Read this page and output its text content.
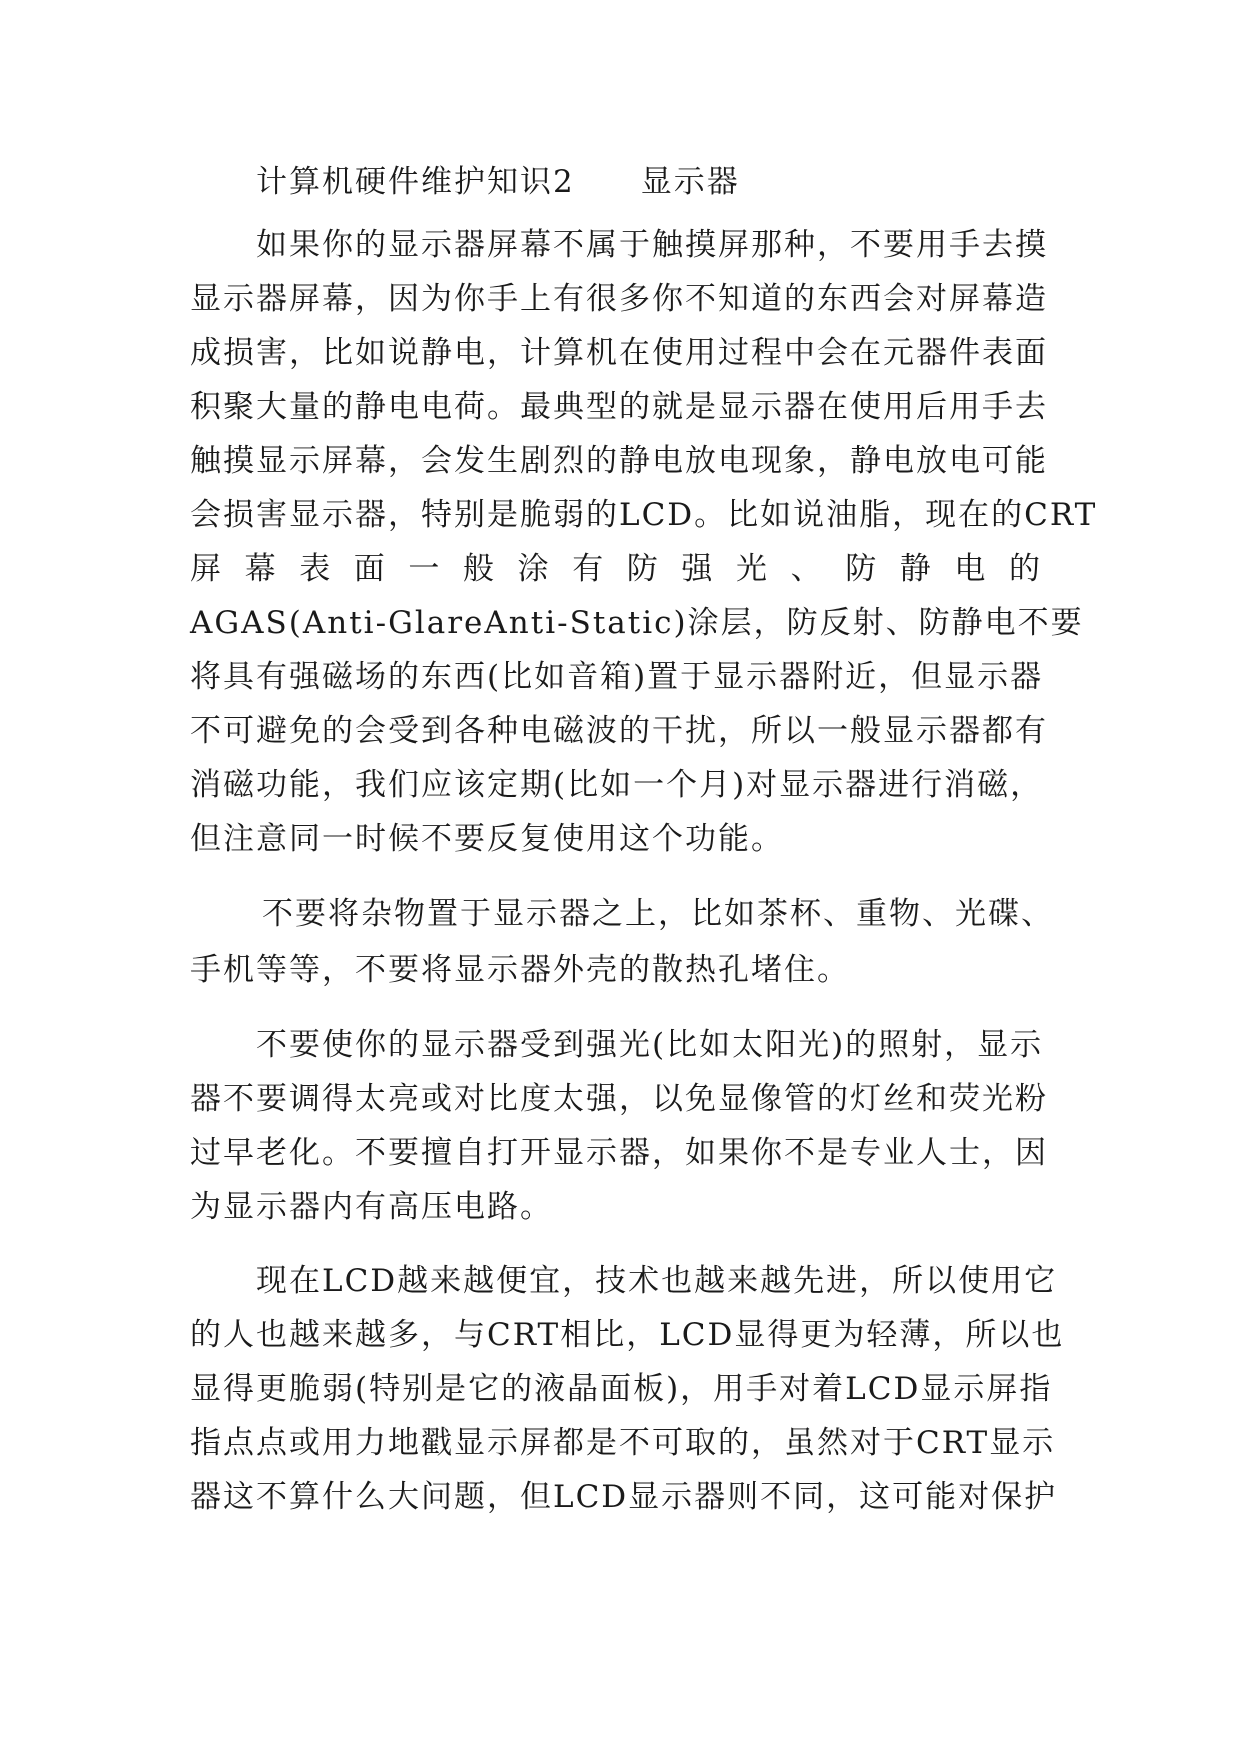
计算机硬件维护知识2　　显示器

如果你的显示器屏幕不属于触摸屏那种，不要用手去摸

显示器屏幕，因为你手上有很多你不知道的东西会对屏幕造

成损害，比如说静电，计算机在使用过程中会在元器件表面

积聚大量的静电电荷。最典型的就是显示器在使用后用手去

触摸显示屏幕，会发生剧烈的静电放电现象，静电放电可能

会损害显示器，特别是脆弱的LCD。比如说油脂，现在的CRT

屏幕表面一般涂有防强光、防静电的

AGAS(Anti-GlareAnti-Static)涂层，防反射、防静电不要

将具有强磁场的东西(比如音箱)置于显示器附近，但显示器

不可避免的会受到各种电磁波的干扰，所以一般显示器都有

消磁功能，我们应该定期(比如一个月)对显示器进行消磁，

但注意同一时候不要反复使用这个功能。

不要将杂物置于显示器之上，比如茶杯、重物、光碟、

手机等等，不要将显示器外壳的散热孔堵住。

不要使你的显示器受到强光(比如太阳光)的照射，显示

器不要调得太亮或对比度太强，以免显像管的灯丝和荧光粉

过早老化。不要擅自打开显示器，如果你不是专业人士，因

为显示器内有高压电路。

现在LCD越来越便宜，技术也越来越先进，所以使用它

的人也越来越多，与CRT相比，LCD显得更为轻薄，所以也

显得更脆弱(特别是它的液晶面板)，用手对着LCD显示屏指

指点点或用力地戳显示屏都是不可取的，虽然对于CRT显示

器这不算什么大问题，但LCD显示器则不同，这可能对保护
